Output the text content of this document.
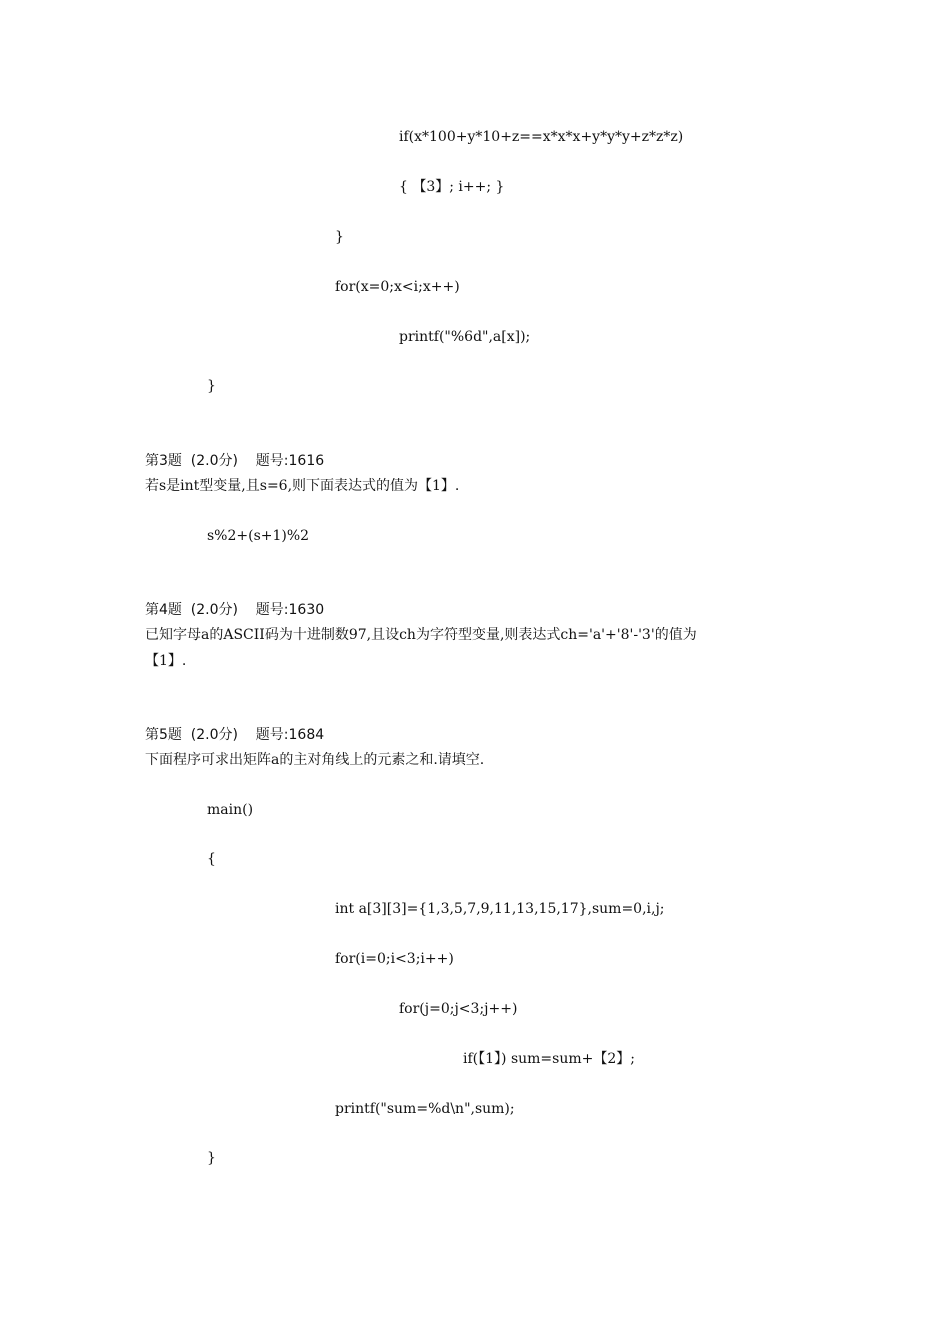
if(x*100+y*10+z==x*x*x+y*y*y+z*z*z)
{ 【3】; i++; }
}
for(x=0;x<i;x++)
printf("%6d",a[x]);
}
第3题  (2.0分)    题号:1616
若s是int型变量,且s=6,则下面表达式的值为【1】.
s%2+(s+1)%2
第4题  (2.0分)    题号:1630
已知字母a的ASCII码为十进制数97,且设ch为字符型变量,则表达式ch='a'+'8'-'3'的值为
【1】.
第5题  (2.0分)    题号:1684
下面程序可求出矩阵a的主对角线上的元素之和.请填空.
main()
{
int a[3][3]={1,3,5,7,9,11,13,15,17},sum=0,i,j;
for(i=0;i<3;i++)
for(j=0;j<3;j++)
if(【1】) sum=sum+【2】;
printf("sum=%d\n",sum);
}
